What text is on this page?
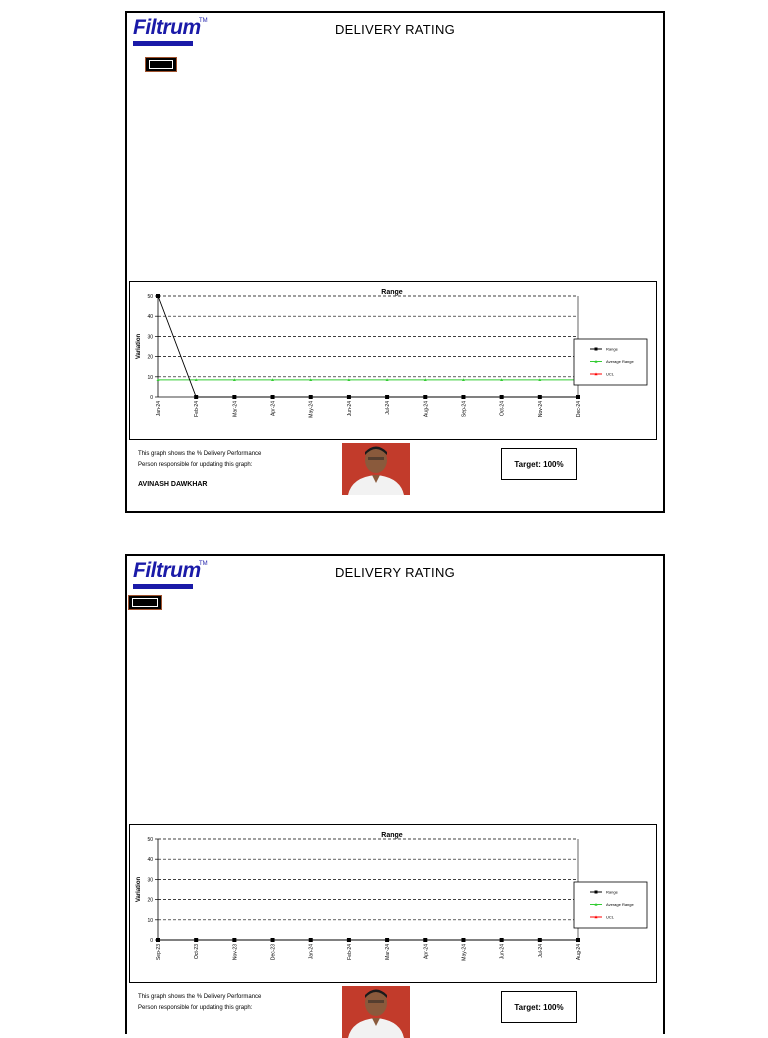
Filtrum
TM
DELIVERY RATING
Range
Variation
0
10
20
30
40
50
Jan-24	Feb-24	Mar-24	Apr-24	May-24	Jun-24	Jul-24	Aug-24	Sep-24	Oct-24	Nov-24	Dec-24
Range
Average Range
UCL
This graph shows the % Delivery Performance
Person responsible for updating this graph:
AVINASH DAWKHAR
Target: 100%
Filtrum
TM
DELIVERY RATING
Range
Variation
0
10
20
30
40
50
Sep-23	Oct-23	Nov-23	Dec-23	Jan-24	Feb-24	Mar-24	Apr-24	May-24	Jun-24	Jul-24	Aug-24
Range
Average Range
UCL
This graph shows the % Delivery Performance
Person responsible for updating this graph:	Target: 100%
